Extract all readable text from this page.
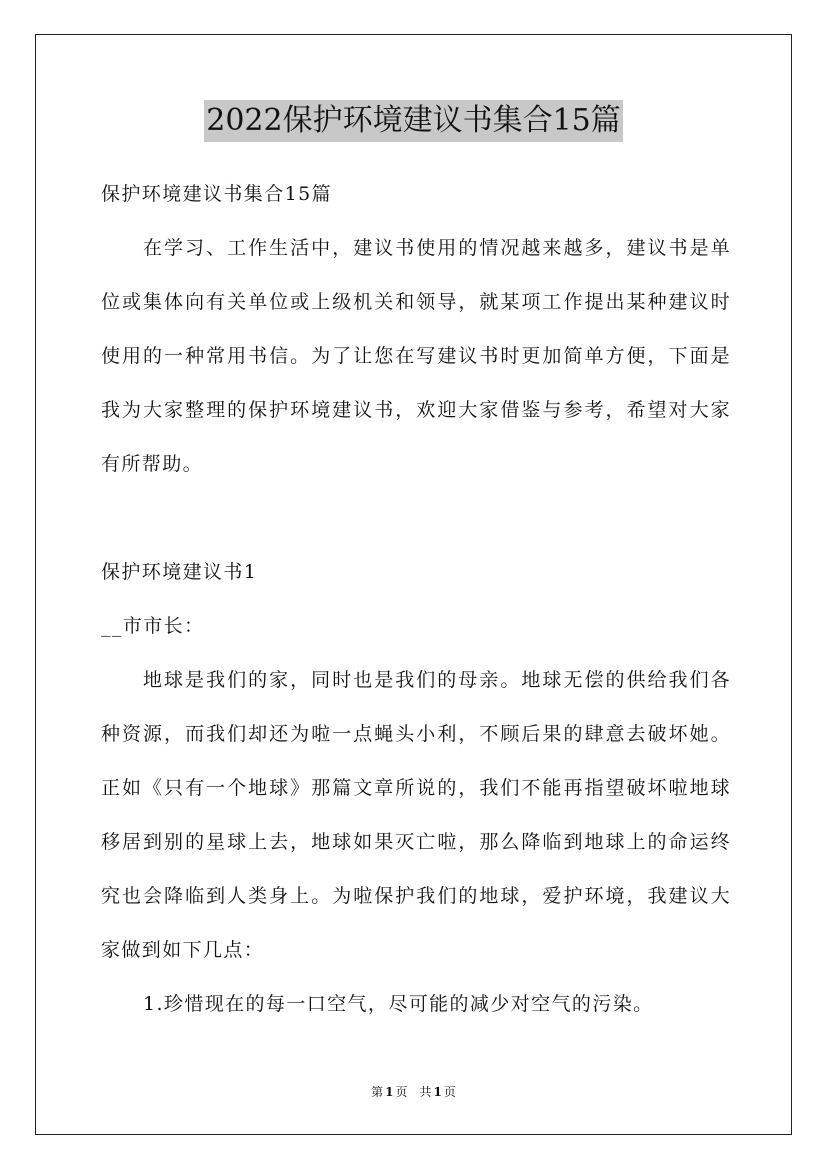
2022保护环境建议书集合15篇

保护环境建议书集合15篇

在学习、工作生活中，建议书使用的情况越来越多，建议书是单位或集体向有关单位或上级机关和领导，就某项工作提出某种建议时使用的一种常用书信。为了让您在写建议书时更加简单方便，下面是我为大家整理的保护环境建议书，欢迎大家借鉴与参考，希望对大家有所帮助。

保护环境建议书1

__市市长：

地球是我们的家，同时也是我们的母亲。地球无偿的供给我们各种资源，而我们却还为啦一点蝇头小利，不顾后果的肆意去破坏她。正如《只有一个地球》那篇文章所说的，我们不能再指望破坏啦地球移居到别的星球上去，地球如果灭亡啦，那么降临到地球上的命运终究也会降临到人类身上。为啦保护我们的地球，爱护环境，我建议大家做到如下几点：

1.珍惜现在的每一口空气，尽可能的减少对空气的污染。

第 1 页　共 1 页
